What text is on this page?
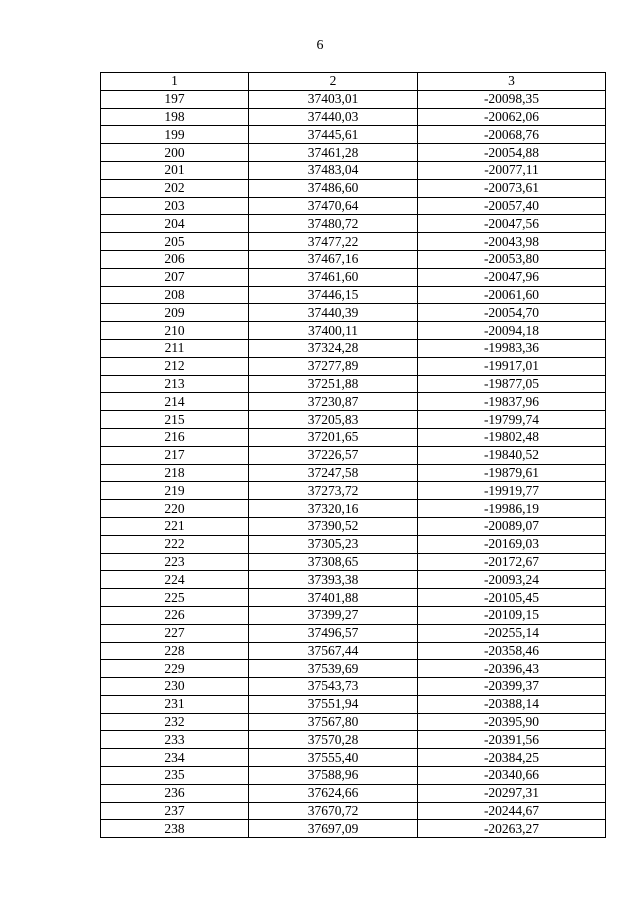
6
1	2	3
197	37403,01	-20098,35
198	37440,03	-20062,06
199	37445,61	-20068,76
200	37461,28	-20054,88
201	37483,04	-20077,11
202	37486,60	-20073,61
203	37470,64	-20057,40
204	37480,72	-20047,56
205	37477,22	-20043,98
206	37467,16	-20053,80
207	37461,60	-20047,96
208	37446,15	-20061,60
209	37440,39	-20054,70
210	37400,11	-20094,18
211	37324,28	-19983,36
212	37277,89	-19917,01
213	37251,88	-19877,05
214	37230,87	-19837,96
215	37205,83	-19799,74
216	37201,65	-19802,48
217	37226,57	-19840,52
218	37247,58	-19879,61
219	37273,72	-19919,77
220	37320,16	-19986,19
221	37390,52	-20089,07
222	37305,23	-20169,03
223	37308,65	-20172,67
224	37393,38	-20093,24
225	37401,88	-20105,45
226	37399,27	-20109,15
227	37496,57	-20255,14
228	37567,44	-20358,46
229	37539,69	-20396,43
230	37543,73	-20399,37
231	37551,94	-20388,14
232	37567,80	-20395,90
233	37570,28	-20391,56
234	37555,40	-20384,25
235	37588,96	-20340,66
236	37624,66	-20297,31
237	37670,72	-20244,67
238	37697,09	-20263,27
